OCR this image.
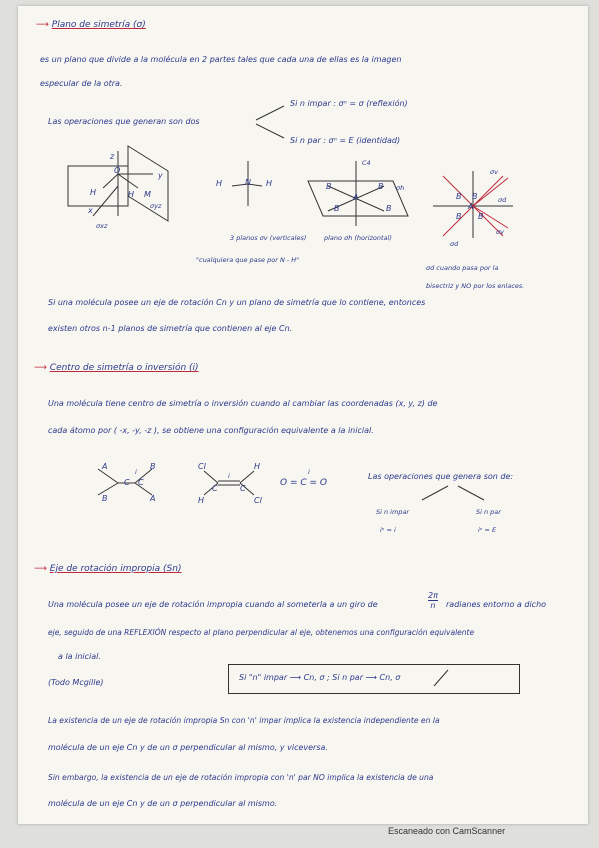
⟶ Plano de simetría (σ)
es un plano que divide a la molécula en 2 partes tales que cada una de ellas es la imagen
especular de la otra.
Las operaciones que generan son dos
Si n impar : σⁿ = σ (reflexión)
Si n par : σⁿ = E (identidad)
O
H	H M
z
y
x	σyz
σxz
H	N H
3 planos σv (verticales)
"cualquiera que pase por N - H"
C4
σh
B	B
B	B
A
plano σh (horizontal)
σv
σd
σd
σv
B B
B B
A
σd cuando pasa por la
bisectriz y NO por los enlaces.
Si una molécula posee un eje de rotación Cn y un plano de simetría que lo contiene, entonces
existen otros n-1 planos de simetría que contienen al eje Cn.
⟶ Centro de simetría o inversión (i)
Una molécula tiene centro de simetría o inversión cuando al cambiar las coordenadas (x, y, z) de
cada átomo por ( -x, -y, -z ), se obtiene una configuración equivalente a la inicial.
A
B
C
i
C
B
A
Cl
H
C
i
C
H
Cl
O = C = O
i	Las operaciones que genera son de:
Si n impar
iⁿ = i
Si n par
iⁿ = E
⟶ Eje de rotación impropia (Sn)
Una molécula posee un eje de rotación impropia cuando al someterla a un giro de	$\frac{2\pi}{n}$ radianes entorno a dicho
eje, seguido de una REFLEXIÓN respecto al plano perpendicular al eje, obtenemos una configuración equivalente
a la inicial.
(Todo Mcgille)
Si "n" impar ⟶ Cn, σ ; Si n par ⟶ Cn, σ
La existencia de un eje de rotación impropia Sn con 'n' impar implica la existencia independiente en la
molécula de un eje Cn y de un σ perpendicular al mismo, y viceversa.
Sin embargo, la existencia de un eje de rotación impropia con 'n' par NO implica la existencia de una
molécula de un eje Cn y de un σ perpendicular al mismo.
Escaneado con CamScanner
